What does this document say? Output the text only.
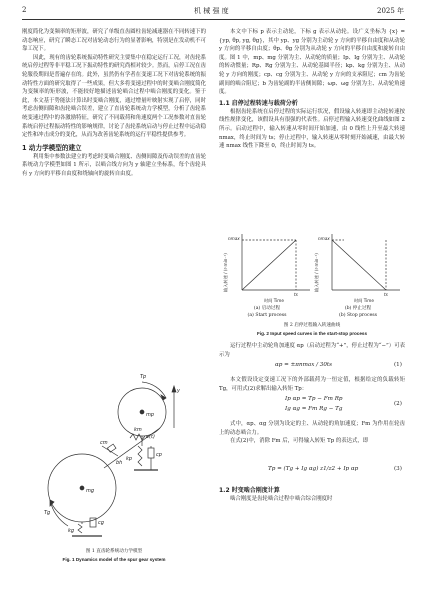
2	机 械 强 度	2025 年

刚度简化为变频率的矩形波，研究了单级直齿圆柱齿轮减速器在不同转速下的动态响应，研究了瞬态工况对齿轮动态行为的显著影响，特别是在发动机不可靠工况下。

因此，现有的齿轮系统振动特性研究主要集中在稳定运行工况，对齿轮系统启停过程等非平稳工况下振动特性的研究尚相对较少。然而，启停工况在齿轮服役期间是普遍存在的。此外，虽然仍有学者在变速工况下对齿轮系统的振动特性方面的研究取得了一些成果，但大多将变速过程中的时变啮合刚度简化为变频率的矩形波，不能较好地描述齿轮啮合过程中啮合刚度的变化。鉴于此，本文基于势能法计算出时变啮合刚度，通过增量叶映射实现了启停，同时考虑齿侧间隙和齿轮啮合误差，建立了直齿轮系统动力学模型，分析了齿轮系统变速过程中的各激励特征，研究了不同载荷和角速度两个工况参数对直齿轮系统启停过程振动特性的影响规律，讨论了齿轮系统启动与停止过程中运动稳定性和冲击成分的变化，从而为改善齿轮系统的运行平稳性提供参考。

1 动力学模型的建立

利用集中参数法建立的考虑时变啮合刚度、齿侧间隙及传动误差的直齿轮系统动力学模型如图 1 所示，以啮合线方向为 y 轴建立坐标系，每个齿轮具有 y 方向的平移自由度和绕轴向的旋转自由度。

Tp
mp
kp
cp
km
cm
e(t)
bh
mg
kg
cg
Tg
y
图 1 直齿轮系统动力学模型
Fig. 1 Dynamics model of the spur gear system

本文中下标 p 表示主动轮，下标 g 表示从动轮。设广义坐标为 {x} = {yp, θp, yg, θg}，其中 yp、yg 分别为主动轮 y 方向的平移自由度和从动轮 y 方向的平移自由度；θp、θg 分别为从动轮 y 方向的平移自由度和旋转自由度。图 1 中，mp、mg 分别为主、从动轮的质量；Ip、Ig 分别为主、从动轮的转动惯量；Rp、Rg 分别为主、从动轮基圆半径；kp、kg 分别为主、从动轮 y 方向的刚度；cp、cg 分别为主、从动轮 y 方向的支承阻尼；cm 为齿轮副间的啮合阻尼；b 为齿轮副的半齿侧间隙；ωp、ωg 分别为主、从动轮角速度。

1.1 启停过程转速与载荷分析

根据齿轮系统在启停过程的实际运行状况，假设输入转速即主动轮转速按线性规律变化，该假设具有很强的代表性。启停过程输入转速变化曲线如图 2 所示。启动过程中，输入转速从零时间开始加速，由 0 线性上升至最大转速 nmax，终止时间为 ts；停止过程中，输入转速从零时刻开始减速，由最大转速 nmax 线性下降至 0，终止时间为 ts。

nmax	nmax
ts	ts
时间 Time	时间 Time
输入转速 / (r·min⁻¹)	输入转速 / (r·min⁻¹)
(a) 启动过程
(a) Start process
(b) 停止过程
(b) Stop process
图 2 启停过程输入转速曲线
Fig. 2 Input speed curves in the start-stop process

运行过程中主动轮角加速度 αp（启动过程为“+”，停止过程为“−”）可表示为

αp = ±πnmax / 30ts	(1)

本文假设设定变速工况下的外部载荷为一恒定值，根据给定的负载转矩 Tg，可用式(2)求解出输入转矩 Tp：

Ip αp = Tp − Fm Rp
Ig αg = Fm Rg − Tg
(2)

式中，αp、αg 分别为设定的主、从动轮的角加速度；Fm 为作用在轮齿上的动态啮合力。

在式(2)中，消除 Fm 后，可得输入转矩 Tp 的表达式，即

Tp = (Tg + Ig αg) z1/z2 + Ip αp	(3)
1.2 时变啮合刚度计算

啮合刚度是齿轮啮合过程中啮合综合刚度时
